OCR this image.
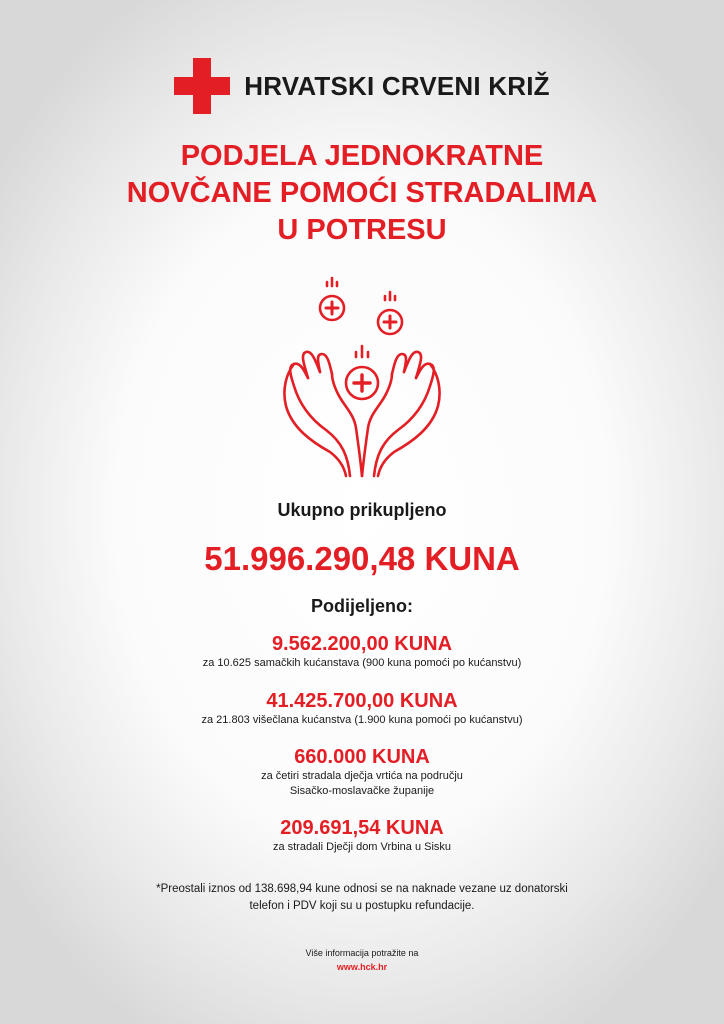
HRVATSKI CRVENI KRIŽ
PODJELA JEDNOKRATNE
NOVČANE POMOĆI STRADALIMA
U POTRESU
Ukupno prikupljeno
51.996.290,48 KUNA
Podijeljeno:
9.562.200,00 KUNA
za 10.625 samačkih kućanstava (900 kuna pomoći po kućanstvu)
41.425.700,00 KUNA
za 21.803 višečlana kućanstva (1.900 kuna pomoći po kućanstvu)
660.000 KUNA
za četiri stradala dječja vrtića na području
Sisačko-moslavačke županije
209.691,54 KUNA
za stradali Dječji dom Vrbina u Sisku
*Preostali iznos od 138.698,94 kune odnosi se na naknade vezane uz donatorski
telefon i PDV koji su u postupku refundacije.
Više informacija potražite na
www.hck.hr
